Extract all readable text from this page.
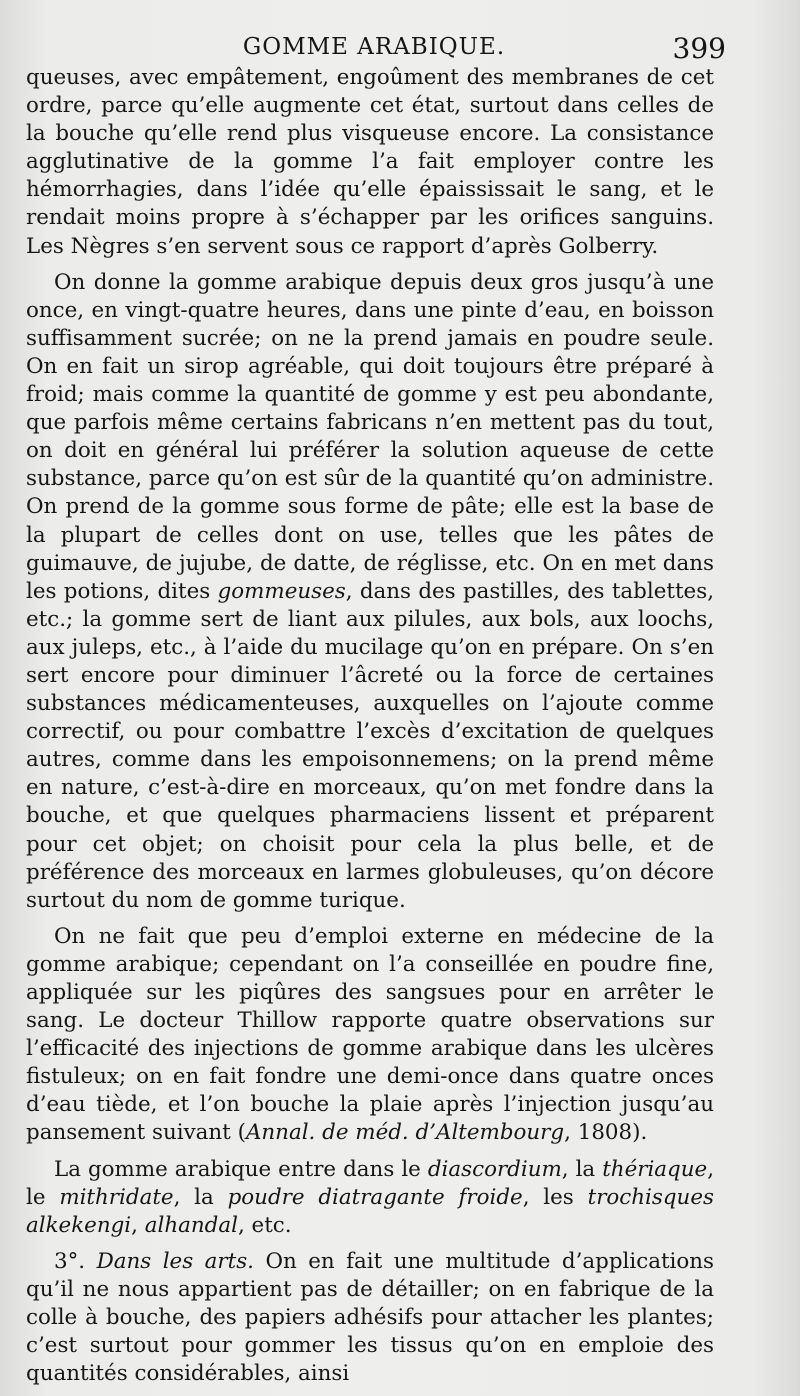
GOMME ARABIQUE.	399

queuses, avec empâtement, engoûment des membranes de cet ordre, parce qu’elle augmente cet état, surtout dans celles de la bouche qu’elle rend plus visqueuse encore. La consistance agglutinative de la gomme l’a fait employer contre les hémorrhagies, dans l’idée qu’elle épaississait le sang, et le rendait moins propre à s’échapper par les orifices sanguins. Les Nègres s’en servent sous ce rapport d’après Golberry.

On donne la gomme arabique depuis deux gros jusqu’à une once, en vingt-quatre heures, dans une pinte d’eau, en boisson suffisamment sucrée; on ne la prend jamais en poudre seule. On en fait un sirop agréable, qui doit toujours être préparé à froid; mais comme la quantité de gomme y est peu abondante, que parfois même certains fabricans n’en mettent pas du tout, on doit en général lui préférer la solution aqueuse de cette substance, parce qu’on est sûr de la quantité qu’on administre. On prend de la gomme sous forme de pâte; elle est la base de la plupart de celles dont on use, telles que les pâtes de guimauve, de jujube, de datte, de réglisse, etc. On en met dans les potions, dites gommeuses, dans des pastilles, des tablettes, etc.; la gomme sert de liant aux pilules, aux bols, aux loochs, aux juleps, etc., à l’aide du mucilage qu’on en prépare. On s’en sert encore pour diminuer l’âcreté ou la force de certaines substances médicamenteuses, auxquelles on l’ajoute comme correctif, ou pour combattre l’excès d’excitation de quelques autres, comme dans les empoisonnemens; on la prend même en nature, c’est-à-dire en morceaux, qu’on met fondre dans la bouche, et que quelques pharmaciens lissent et préparent pour cet objet; on choisit pour cela la plus belle, et de préférence des morceaux en larmes globuleuses, qu’on décore surtout du nom de gomme turique.

On ne fait que peu d’emploi externe en médecine de la gomme arabique; cependant on l’a conseillée en poudre fine, appliquée sur les piqûres des sangsues pour en arrêter le sang. Le docteur Thillow rapporte quatre observations sur l’efficacité des injections de gomme arabique dans les ulcères fistuleux; on en fait fondre une demi-once dans quatre onces d’eau tiède, et l’on bouche la plaie après l’injection jusqu’au pansement suivant (Annal. de méd. d’Altembourg, 1808).

La gomme arabique entre dans le diascordium, la thériaque, le mithridate, la poudre diatragante froide, les trochisques alkekengi, alhandal, etc.

3°. Dans les arts. On en fait une multitude d’applications qu’il ne nous appartient pas de détailler; on en fabrique de la colle à bouche, des papiers adhésifs pour attacher les plantes; c’est surtout pour gommer les tissus qu’on en emploie des quantités considérables, ainsi
